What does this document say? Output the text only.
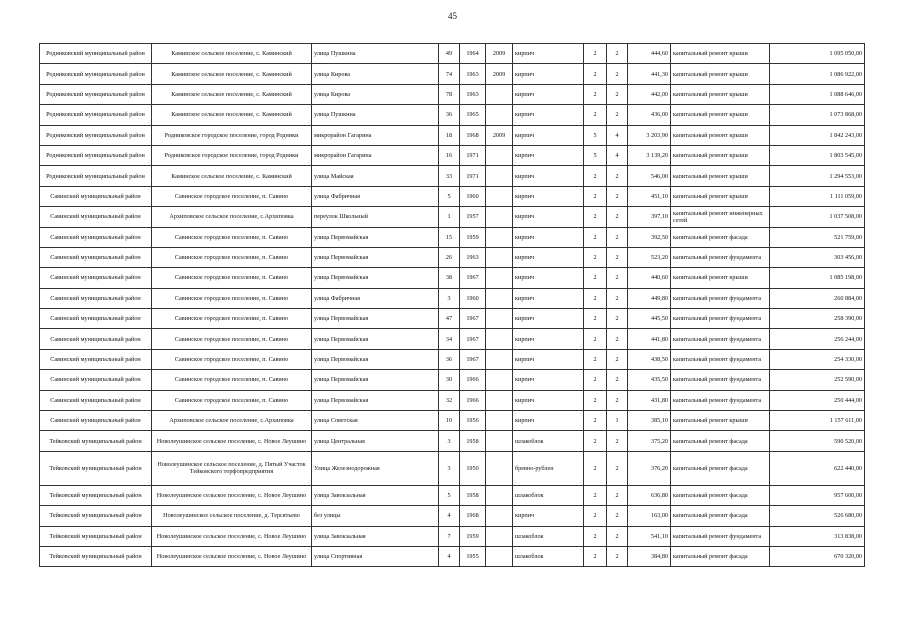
45
Родниковский муниципальный район	Каминское сельское поселение, с. Каминский	улица Пушкина	49	1964	2009	кирпич	2	2	444,60	капитальный ремонт крыши	1 095 050,00
Родниковский муниципальный район	Каминское сельское поселение, с. Каминский	улица Кирова	74	1963	2009	кирпич	2	2	441,30	капитальный ремонт крыши	1 086 922,00
Родниковский муниципальный район	Каминское сельское поселение, с. Каминский	улица Кирова	78	1963		кирпич	2	2	442,00	капитальный ремонт крыши	1 088 646,00
Родниковский муниципальный район	Каминское сельское поселение, с. Каминский	улица Пушкина	36	1965		кирпич	2	2	436,00	капитальный ремонт крыши	1 073 868,00
Родниковский муниципальный район	Родниковское городское поселение, город Родники	микрорайон Гагарина	18	1968	2009	кирпич	5	4	3 203,90	капитальный ремонт крыши	1 842 243,00
Родниковский муниципальный район	Родниковское городское поселение, город Родники	микрорайон Гагарина	16	1971		кирпич	5	4	3 139,20	капитальный ремонт крыши	1 803 545,00
Родниковский муниципальный район	Каминское сельское поселение, с. Каминский	улица Майская	33	1971		кирпич	2	2	546,00	капитальный ремонт крыши	1 294 553,00
Савинский муниципальный район	Савинское городское поселение, п. Савино	улица Фабричная	5	1960		кирпич	2	2	451,10	капитальный ремонт крыши	1 111 059,00
Савинский муниципальный район	Архиповское сельское поселение, с.Архиповка	переулок Школьный	1	1957		кирпич	2	2	397,10	капитальный ремонт инженерных сетей	1 037 508,00
Савинский муниципальный район	Савинское городское поселение, п. Савино	улица Первомайская	15	1959		кирпич	2	2	392,50	капитальный ремонт фасада	521 759,00
Савинский муниципальный район	Савинское городское поселение, п. Савино	улица Первомайская	26	1963		кирпич	2	2	523,20	капитальный ремонт фундамента	303 456,00
Савинский муниципальный район	Савинское городское поселение, п. Савино	улица Первомайская	38	1967		кирпич	2	2	440,60	капитальный ремонт крыши	1 085 198,00
Савинский муниципальный район	Савинское городское поселение, п. Савино	улица Фабричная	3	1960		кирпич	2	2	449,80	капитальный ремонт фундамента	260 884,00
Савинский муниципальный район	Савинское городское поселение, п. Савино	улица Первомайская	47	1967		кирпич	2	2	445,50	капитальный ремонт фундамента	258 390,00
Савинский муниципальный район	Савинское городское поселение, п. Савино	улица Первомайская	34	1967		кирпич	2	2	441,80	капитальный ремонт фундамента	256 244,00
Савинский муниципальный район	Савинское городское поселение, п. Савино	улица Первомайская	36	1967		кирпич	2	2	438,50	капитальный ремонт фундамента	254 330,00
Савинский муниципальный район	Савинское городское поселение, п. Савино	улица Первомайская	30	1966		кирпич	2	2	435,50	капитальный ремонт фундамента	252 590,00
Савинский муниципальный район	Савинское городское поселение, п. Савино	улица Первомайская	32	1966		кирпич	2	2	431,80	капитальный ремонт фундамента	250 444,00
Савинский муниципальный район	Архиповское сельское поселение, с.Архиповка	улица Советская	10	1956		кирпич	2	1	385,10	капитальный ремонт крыши	1 157 611,00
Тейковский муниципальный район	Новолеушинское сельское поселение, с. Новое Леушино	улица Центральная	3	1958		шлакоблок	2	2	375,20	капитальный ремонт фасада	590 520,00
Тейковский муниципальный район	Новолеушинское сельское поселение, д. Пятый Участок Тейковского торфопредприятия	Улица Железнодорожная	3	1950		бревно-рублен	2	2	376,20	капитальный ремонт фасада	622 440,00
Тейковский муниципальный район	Новолеушинское сельское поселение, с. Новое Леушино	улица Завокзальная	5	1958		шлакоблок	2	2	636,80	капитальный ремонт фасада	957 600,00
Тейковский муниципальный район	Новолеушинское сельское поселение, д. Терсятьево	без улицы	4	1968		кирпич	2	2	163,00	капитальный ремонт фасада	526 680,00
Тейковский муниципальный район	Новолеушинское сельское поселение, с. Новое Леушино	улица Завокзальная	7	1959		шлакоблок	2	2	541,10	капитальный ремонт фундамента	313 838,00
Тейковский муниципальный район	Новолеушинское сельское поселение, с. Новое Леушино	улица Спортивная	4	1955		шлакоблок	2	2	384,80	капитальный ремонт фасада	670 320,00
